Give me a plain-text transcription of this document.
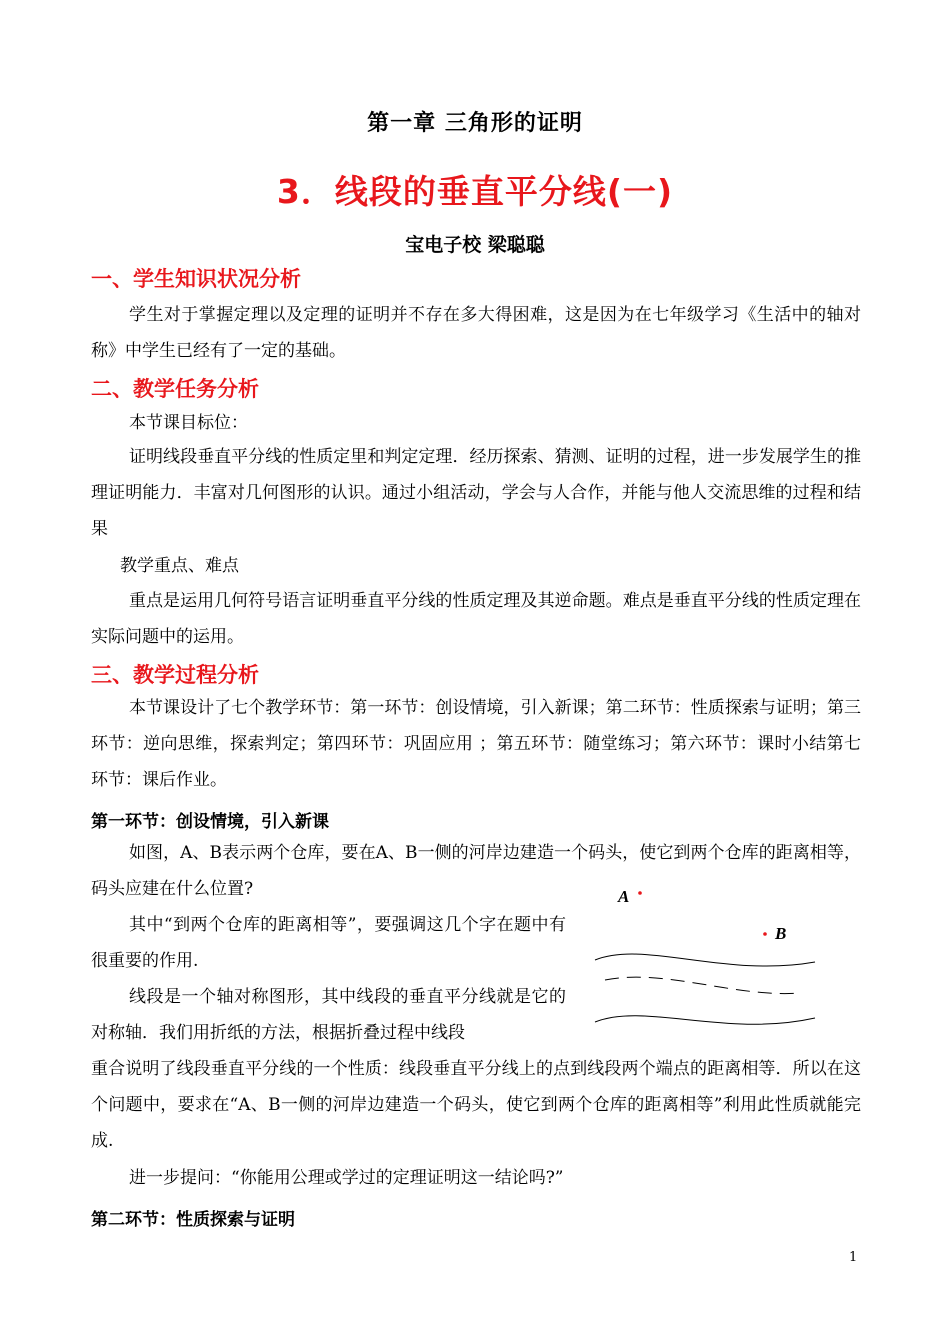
第一章 三角形的证明
3．线段的垂直平分线(一)
宝电子校 梁聪聪
一、学生知识状况分析

学生对于掌握定理以及定理的证明并不存在多大得困难，这是因为在七年级学习《生活中的轴对称》中学生已经有了一定的基础。

二、教学任务分析
本节课目标位：

证明线段垂直平分线的性质定里和判定定理．经历探索、猜测、证明的过程，进一步发展学生的推理证明能力．丰富对几何图形的认识。通过小组活动，学会与人合作，并能与他人交流思维的过程和结果

教学重点、难点

重点是运用几何符号语言证明垂直平分线的性质定理及其逆命题。难点是垂直平分线的性质定理在实际问题中的运用。

三、教学过程分析

本节课设计了七个教学环节：第一环节：创设情境，引入新课；第二环节：性质探索与证明；第三环节：逆向思维，探索判定；第四环节：巩固应用 ；第五环节：随堂练习；第六环节：课时小结第七环节：课后作业。

第一环节：创设情境，引入新课

如图，A、B表示两个仓库，要在A、B一侧的河岸边建造一个码头，使它到两个仓库的距离相等，码头应建在什么位置?

其中“到两个仓库的距离相等”，要强调这几个字在题中有很重要的作用.

线段是一个轴对称图形，其中线段的垂直平分线就是它的对称轴．我们用折纸的方法，根据折叠过程中线段

重合说明了线段垂直平分线的一个性质：线段垂直平分线上的点到线段两个端点的距离相等．所以在这个问题中，要求在“A、B一侧的河岸边建造一个码头，使它到两个仓库的距离相等”利用此性质就能完成.

进一步提问：“你能用公理或学过的定理证明这一结论吗?”

第二环节：性质探索与证明
A
B
1
